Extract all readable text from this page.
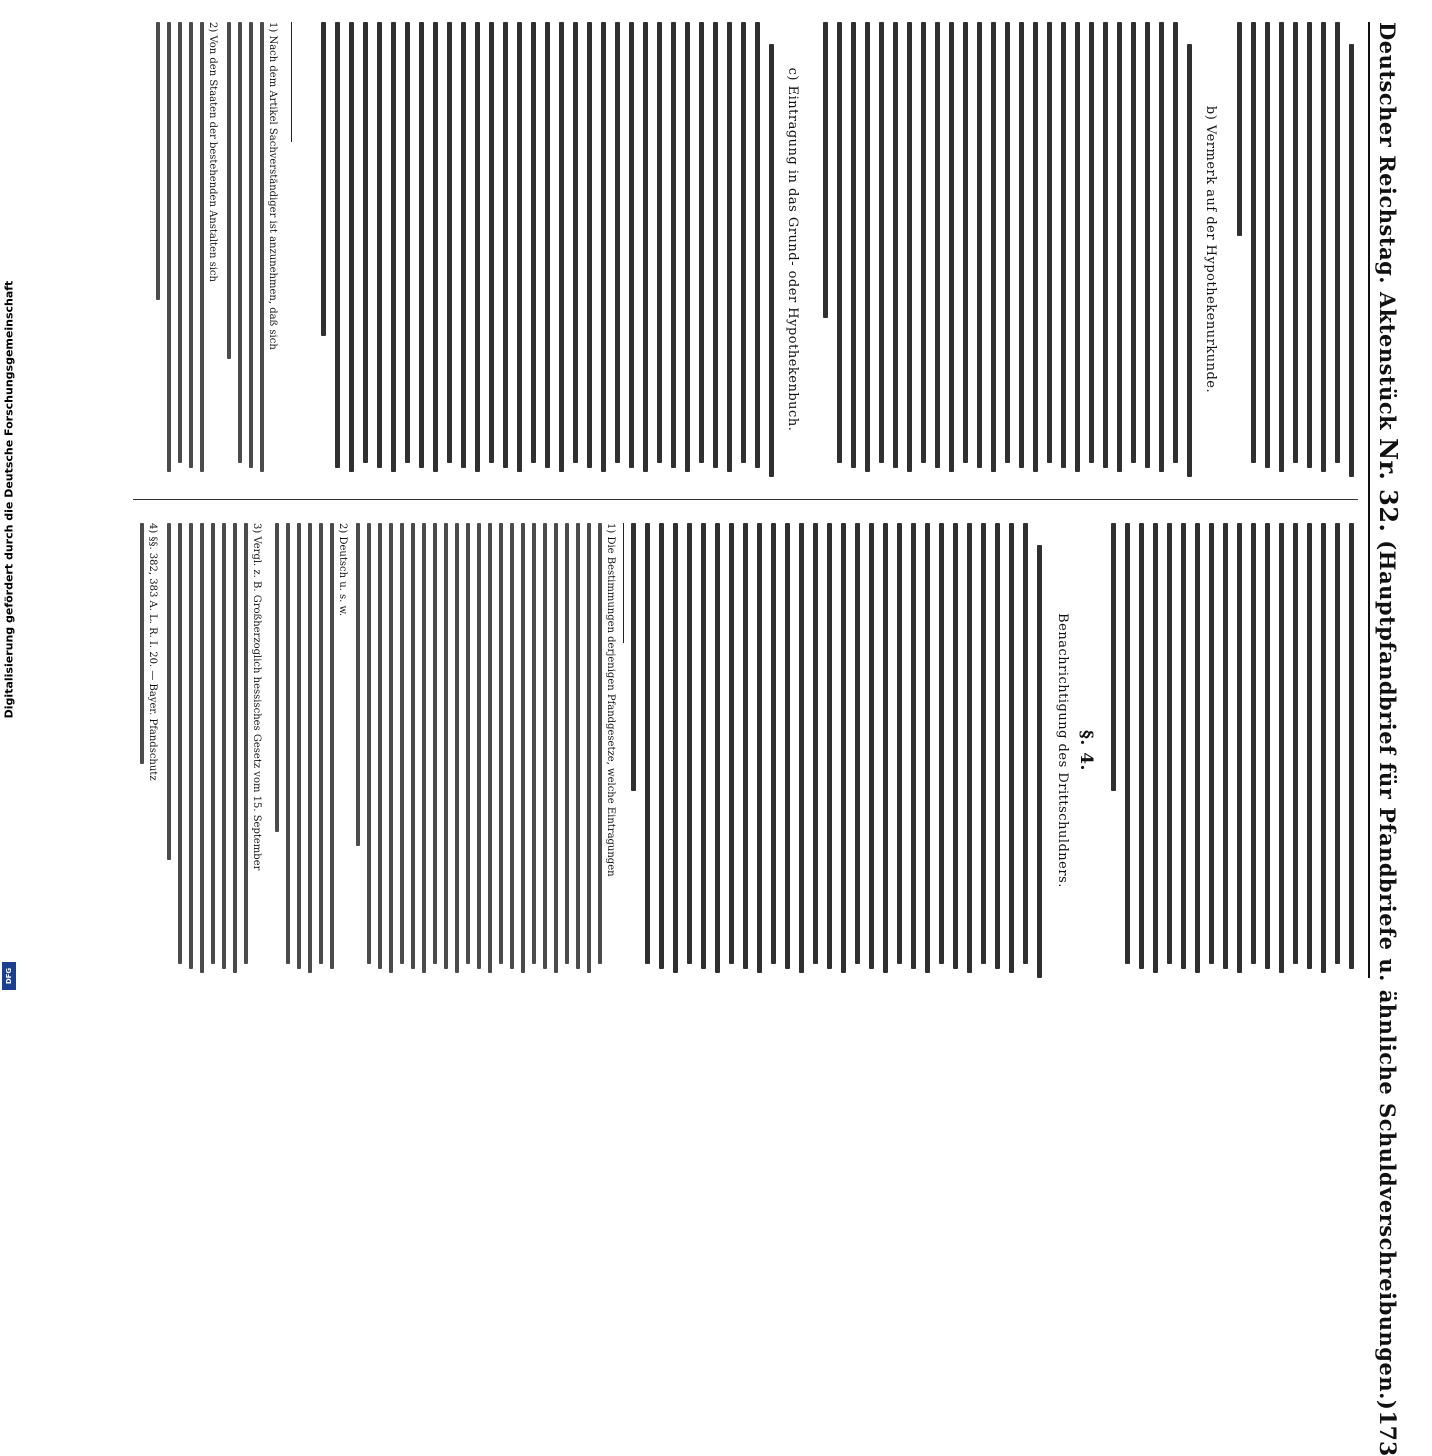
Digitalisierung gefördert durch die Deutsche Forschungsgemeinschaft
DFG
Deutscher Reichstag. Aktenstück Nr. 32. (Hauptpfandbrief für Pfandbriefe u. ähnliche Schuldverschreibungen.)
173
b) Vermerk auf der Hypothekenurkunde.
c) Eintragung in das Grund- oder Hypothekenbuch.
1) Nach dem Artikel Sachverständiger ist anzunehmen, daß sich
2) Von den Staaten der bestehenden Anstalten sich
§. 4.
Benachrichtigung des Drittschuldners.
1) Die Bestimmungen derjenigen Pfandgesetze, welche Eintragungen
2) Deutsch u. s. w.
3) Vergl. z. B. Großherzoglich hessisches Gesetz vom 15. September
4) §§. 382, 383 A. L. R. I. 20. — Bayer. Pfandschutz
